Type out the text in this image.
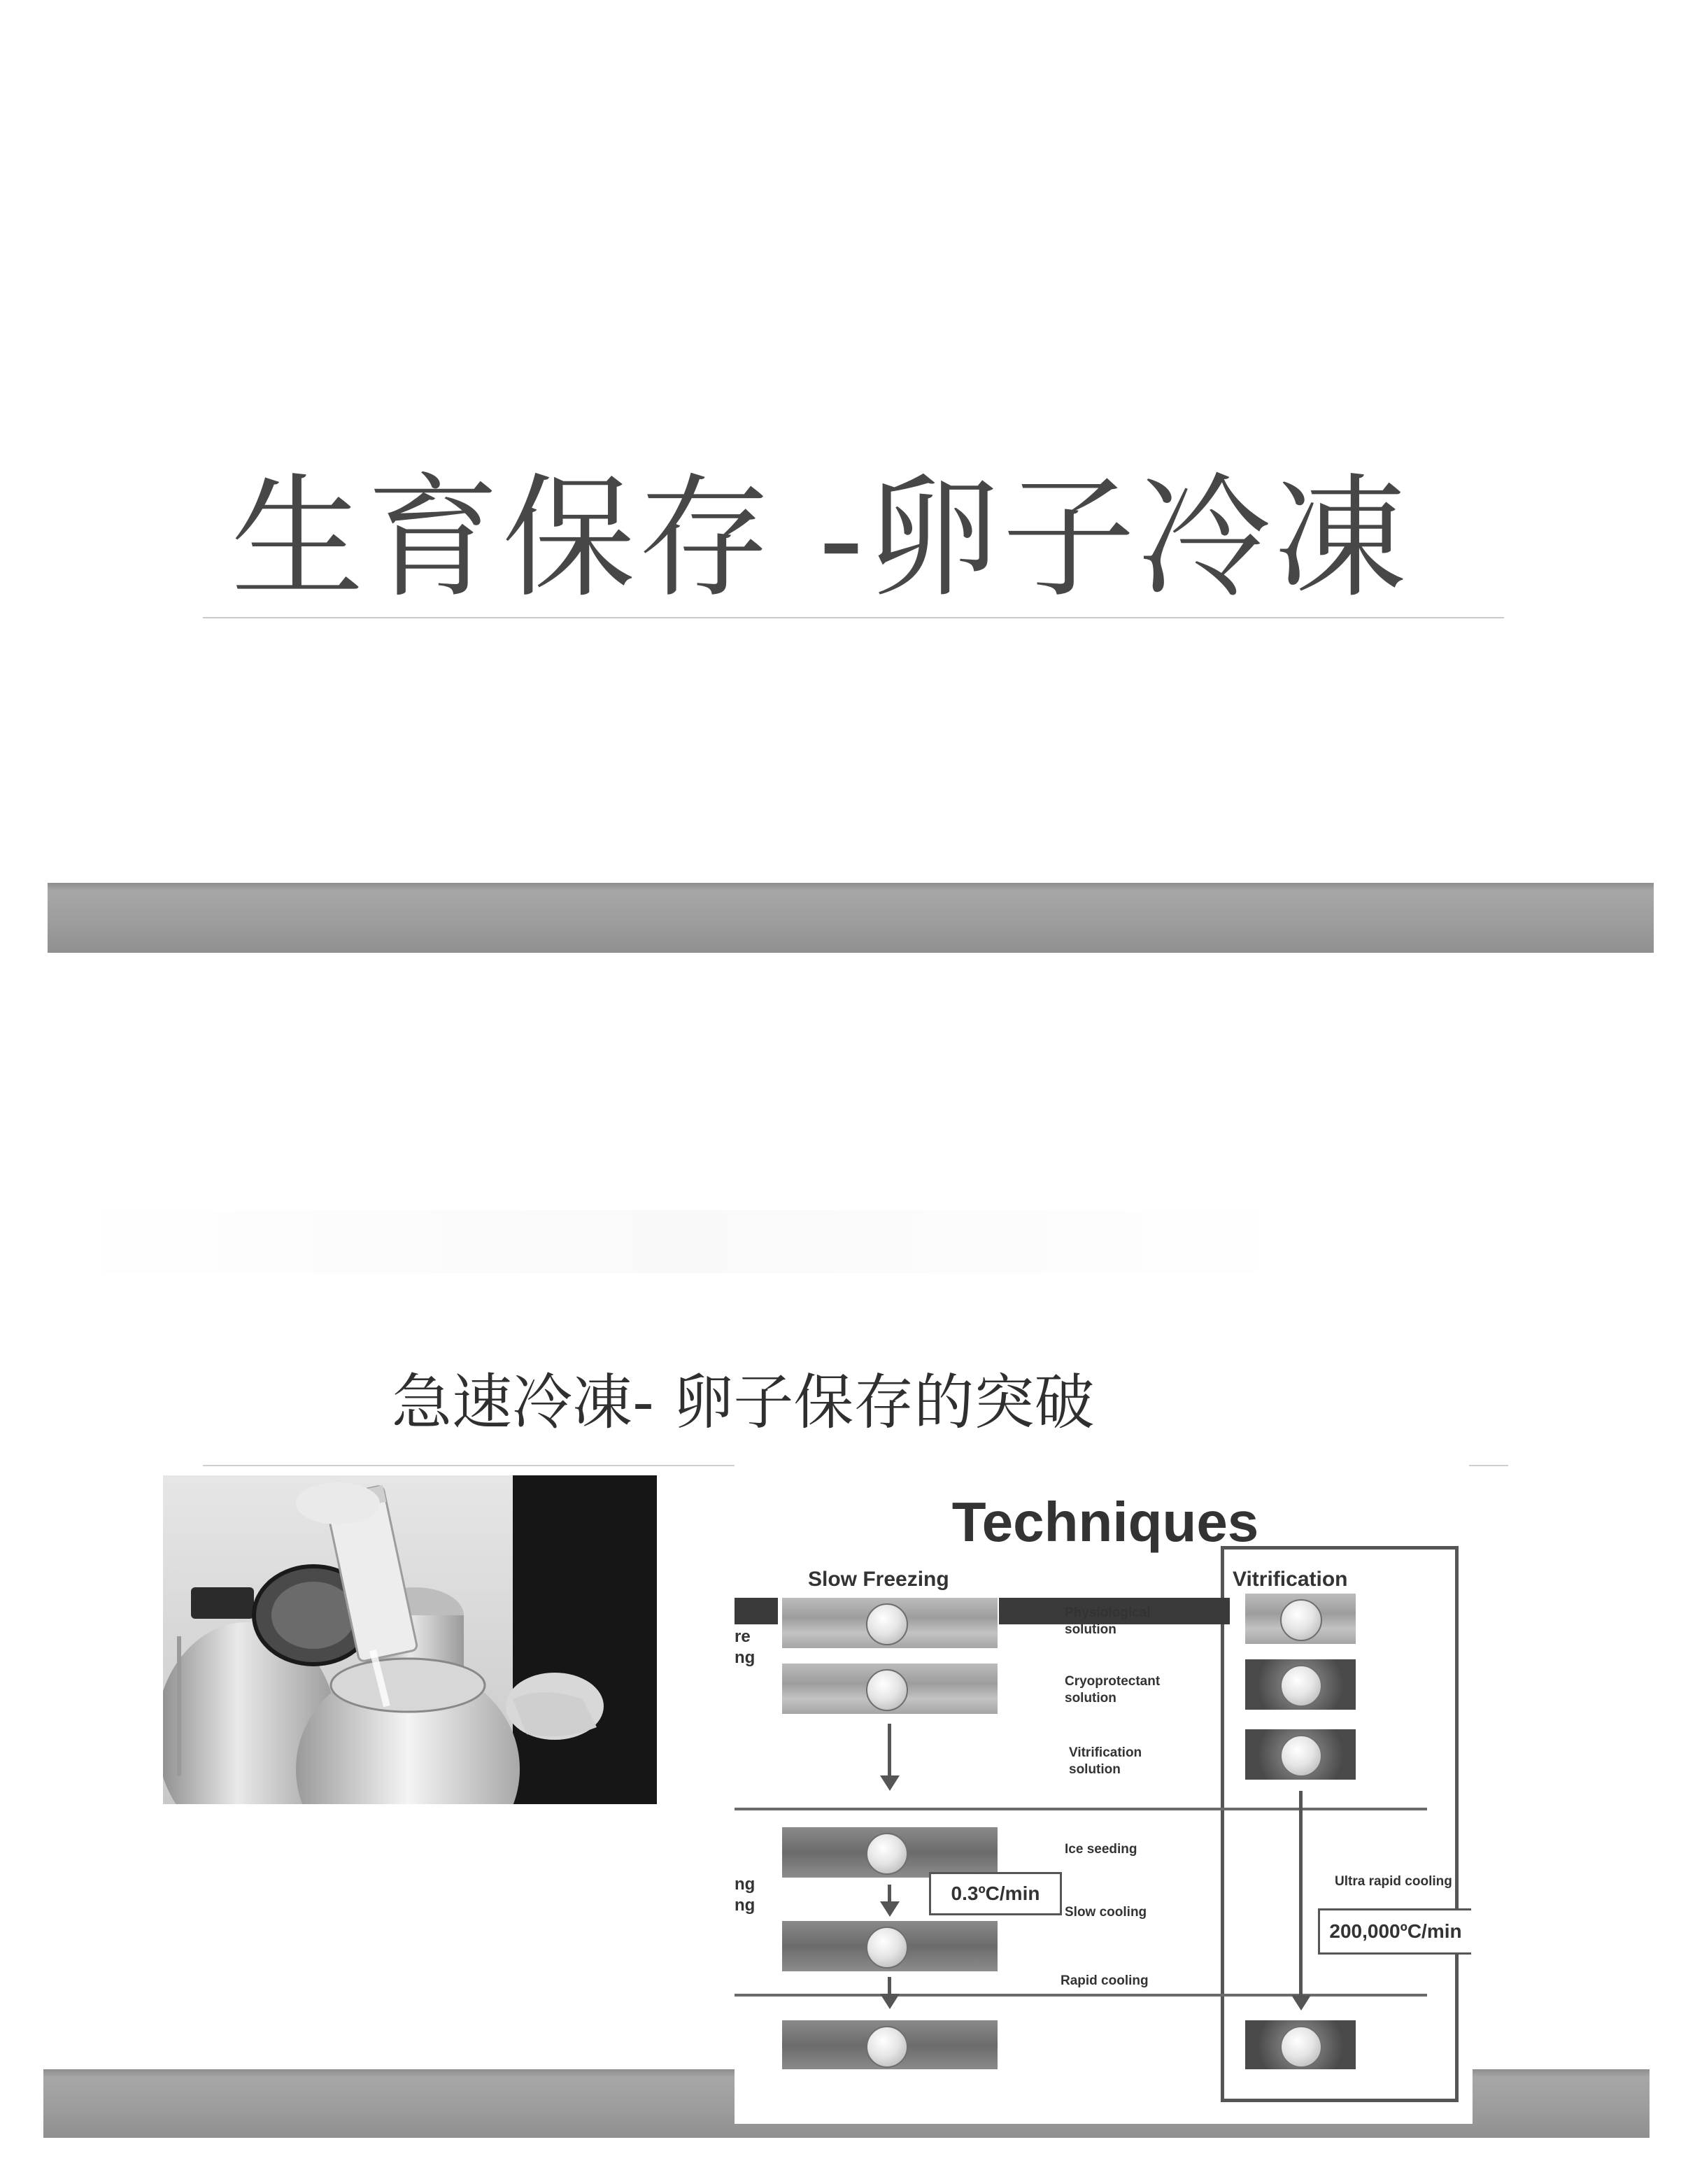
生育保存 -卵子冷凍
急速冷凍- 卵子保存的突破
Techniques
Slow Freezing	Vitrification
re
ng
ng
ng
Physiological
solution
Cryoprotectant
solution
Vitrification
solution
Ice seeding
Slow cooling
Rapid cooling
Ultra rapid cooling
0.3ºC/min
200,000ºC/min
